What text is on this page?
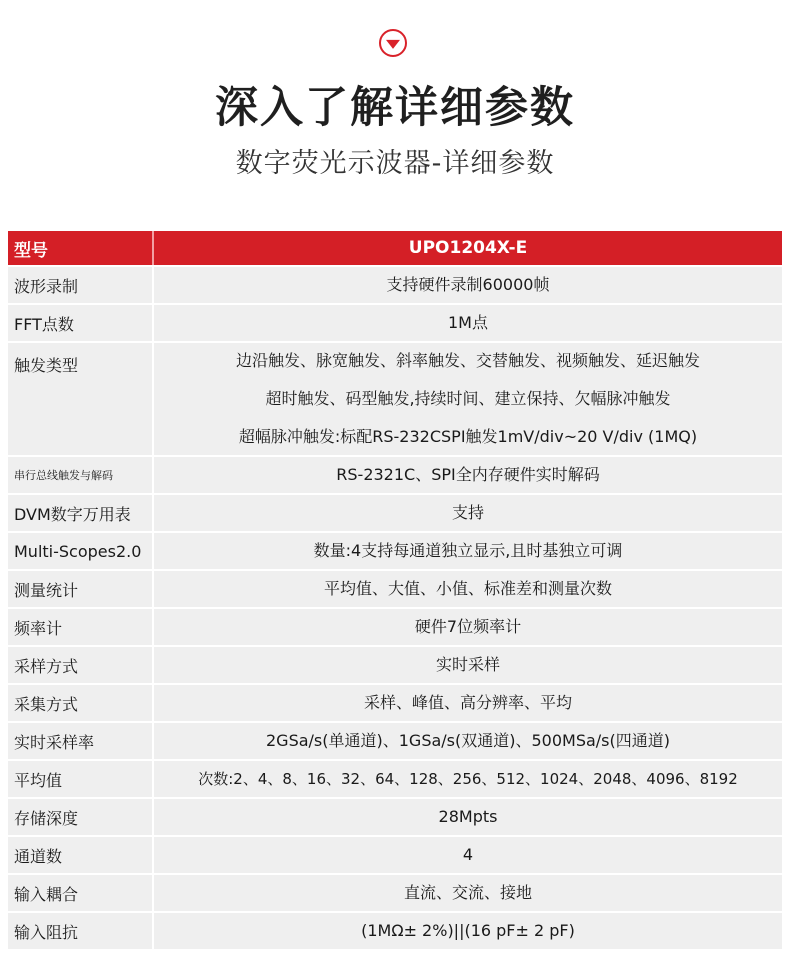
深入了解详细参数
数字荧光示波器-详细参数
型号	UPO1204X-E
波形录制	支持硬件录制60000帧
FFT点数	1M点
触发类型	边沿触发、脉宽触发、斜率触发、交替触发、视频触发、延迟触发
超时触发、码型触发,持续时间、建立保持、欠幅脉冲触发
超幅脉冲触发:标配RS-232CSPI触发1mV/div~20 V/div (1MQ)
串行总线触发与解码	RS-2321C、SPI全内存硬件实时解码
DVM数字万用表	支持
Multi-Scopes2.0	数量:4支持每通道独立显示,且时基独立可调
测量统计	平均值、大值、小值、标准差和测量次数
频率计	硬件7位频率计
采样方式	实时采样
采集方式	采样、峰值、高分辨率、平均
实时采样率	2GSa/s(单通道)、1GSa/s(双通道)、500MSa/s(四通道)
平均值	次数:2、4、8、16、32、64、128、256、512、1024、2048、4096、8192
存储深度	28Mpts
通道数	4
输入耦合	直流、交流、接地
输入阻抗	(1MΩ± 2%)||(16 pF± 2 pF)
